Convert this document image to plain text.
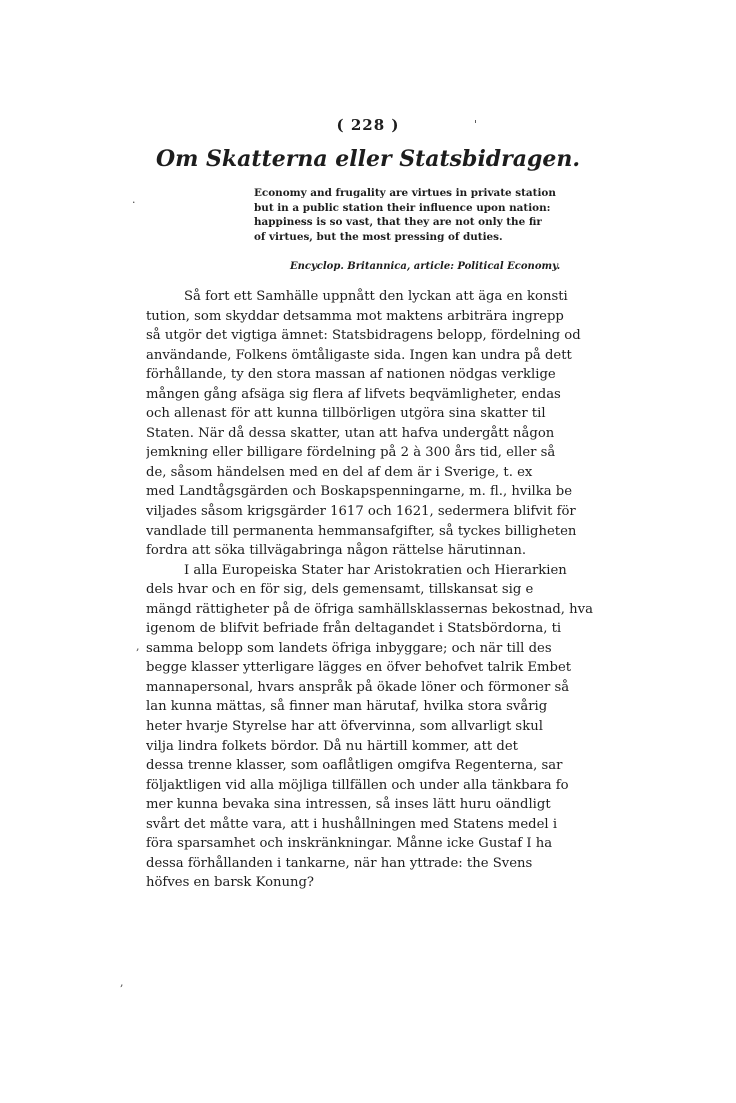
( 228 )
Om Skatterna eller Statsbidragen.
Economy and frugality are virtues in private station
but in a public station their influence upon nation:
happiness is so vast, that they are not only the fir
of virtues, but the most pressing of duties.
Encyclop. Britannica, article: Political Economy.
Så fort ett Samhälle uppnått den lyckan att äga en konsti
tution, som skyddar detsamma mot maktens arbiträra ingrepp
så utgör det vigtiga ämnet: Statsbidragens belopp, fördelning od
användande, Folkens ömtåligaste sida. Ingen kan undra på dett
förhållande, ty den stora massan af nationen nödgas verklige
mången gång afsäga sig flera af lifvets beqvämligheter, endas
och allenast för att kunna tillbörligen utgöra sina skatter til
Staten. När då dessa skatter, utan att hafva undergått någon
jemkning eller billigare fördelning på 2 à 300 års tid, eller så
de, såsom händelsen med en del af dem är i Sverige, t. ex
med Landtågsgärden och Boskapspenningarne, m. fl., hvilka be
viljades såsom krigsgärder 1617 och 1621, sedermera blifvit för
vandlade till permanenta hemmansafgifter, så tyckes billigheten
fordra att söka tillvägabringa någon rättelse härutinnan.
I alla Europeiska Stater har Aristokratien och Hierarkien
dels hvar och en för sig, dels gemensamt, tillskansat sig e
mängd rättigheter på de öfriga samhällsklassernas bekostnad, hva
igenom de blifvit befriade från deltagandet i Statsbördorna, ti
samma belopp som landets öfriga inbyggare; och när till des
begge klasser ytterligare lägges en öfver behofvet talrik Embet
mannapersonal, hvars anspråk på ökade löner och förmoner så
lan kunna mättas, så finner man härutaf, hvilka stora svårig
heter hvarje Styrelse har att öfvervinna, som allvarligt skul
vilja lindra folkets bördor. Då nu härtill kommer, att det
dessa trenne klasser, som oaflåtligen omgifva Regenterna, sar
följaktligen vid alla möjliga tillfällen och under alla tänkbara fo
mer kunna bevaka sina intressen, så inses lätt huru oändligt
svårt det måtte vara, att i hushållningen med Statens medel i
föra sparsamhet och inskränkningar. Månne icke Gustaf I ha
dessa förhållanden i tankarne, när han yttrade: the Svens
höfves en barsk Konung?
'
·
,
,
